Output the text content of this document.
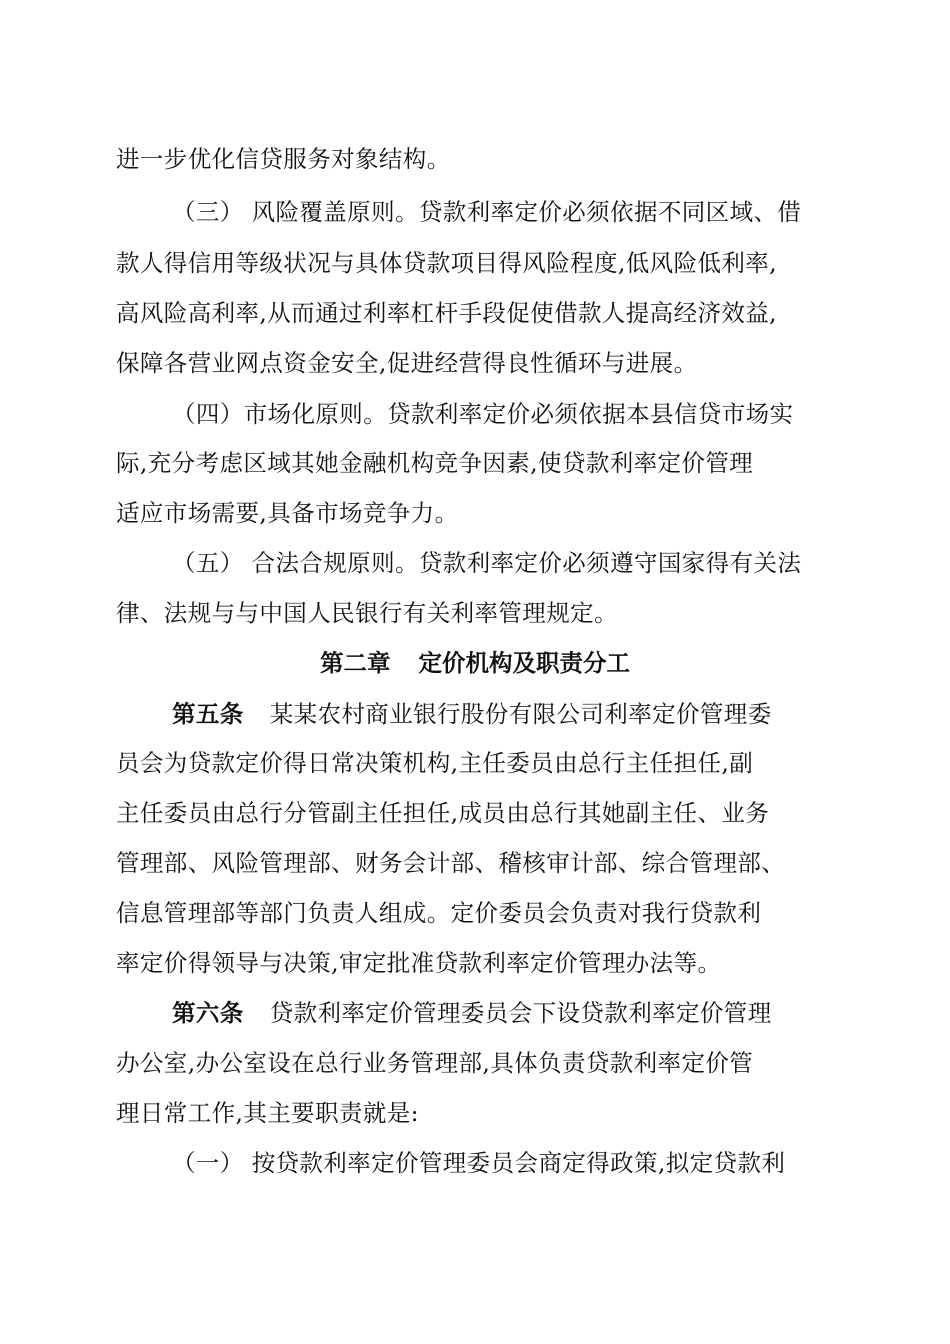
进一步优化信贷服务对象结构。
（三） 风险覆盖原则。贷款利率定价必须依据不同区域、借
款人得信用等级状况与具体贷款项目得风险程度,低风险低利率,
高风险高利率,从而通过利率杠杆手段促使借款人提高经济效益,
保障各营业网点资金安全,促进经营得良性循环与进展。
（四）市场化原则。贷款利率定价必须依据本县信贷市场实
际,充分考虑区域其她金融机构竞争因素,使贷款利率定价管理
适应市场需要,具备市场竞争力。
（五） 合法合规原则。贷款利率定价必须遵守国家得有关法
律、法规与与中国人民银行有关利率管理规定。
第二章 定价机构及职责分工
第五条 某某农村商业银行股份有限公司利率定价管理委
员会为贷款定价得日常决策机构,主任委员由总行主任担任,副
主任委员由总行分管副主任担任,成员由总行其她副主任、业务
管理部、风险管理部、财务会计部、稽核审计部、综合管理部、
信息管理部等部门负责人组成。定价委员会负责对我行贷款利
率定价得领导与决策,审定批准贷款利率定价管理办法等。
第六条 贷款利率定价管理委员会下设贷款利率定价管理
办公室,办公室设在总行业务管理部,具体负责贷款利率定价管
理日常工作,其主要职责就是:
（一） 按贷款利率定价管理委员会商定得政策,拟定贷款利
